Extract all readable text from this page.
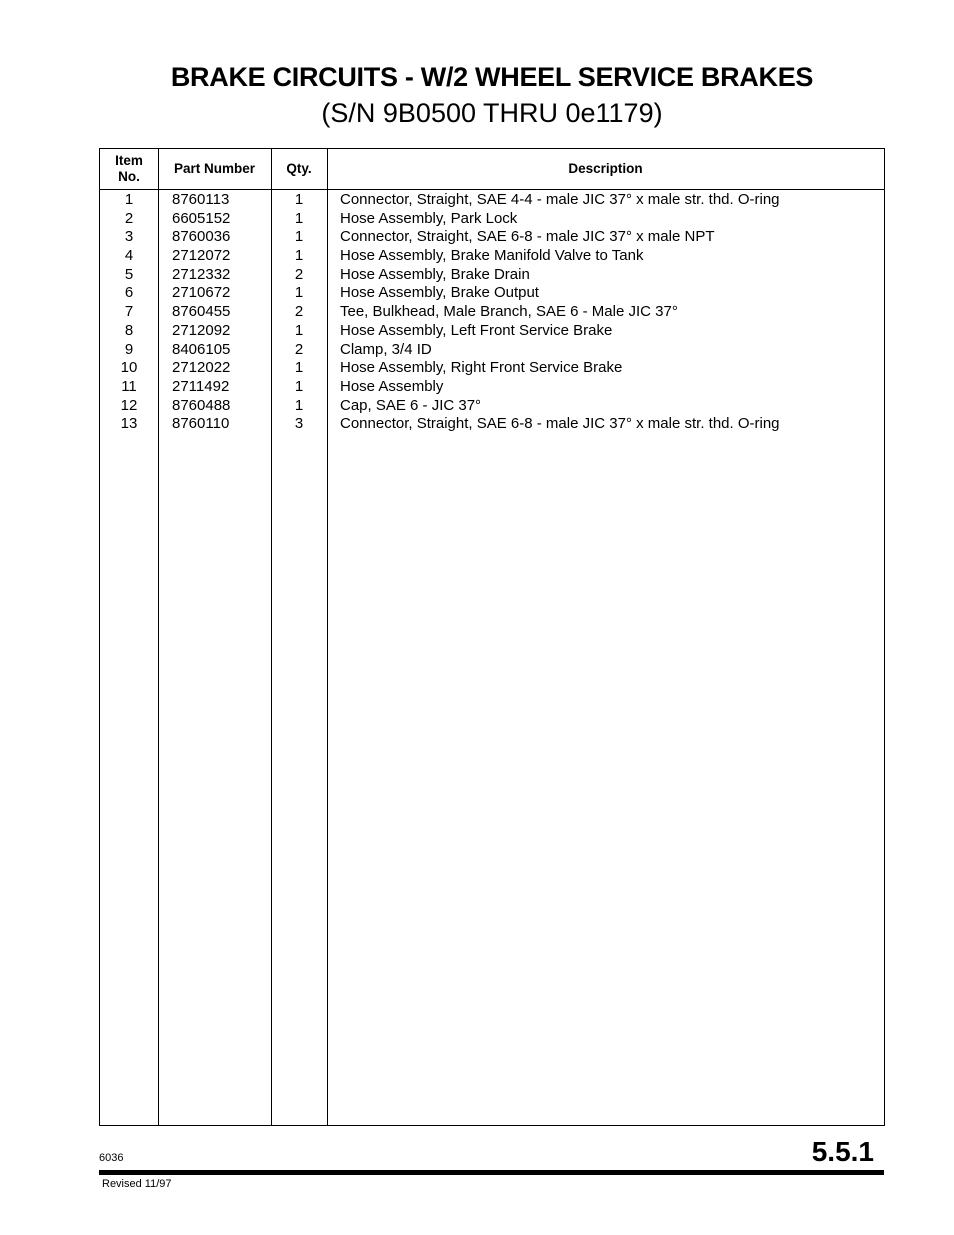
BRAKE CIRCUITS - W/2 WHEEL SERVICE BRAKES
(S/N 9B0500 THRU 0e1179)
Item
No.
Part Number	Qty.	Description
1	8760113	1	Connector, Straight, SAE 4-4 - male JIC 37° x male str. thd. O-ring
2	6605152	1	Hose Assembly, Park Lock
3	8760036	1	Connector, Straight, SAE 6-8 - male JIC 37° x male NPT
4	2712072	1	Hose Assembly, Brake Manifold Valve to Tank
5	2712332	2	Hose Assembly, Brake Drain
6	2710672	1	Hose Assembly, Brake Output
7	8760455	2	Tee, Bulkhead, Male Branch, SAE 6 - Male JIC 37°
8	2712092	1	Hose Assembly, Left Front Service Brake
9	8406105	2	Clamp, 3/4 ID
10	2712022	1	Hose Assembly, Right Front Service Brake
11	2711492	1	Hose Assembly
12	8760488	1	Cap, SAE 6 - JIC 37°
13	8760110	3	Connector, Straight, SAE 6-8 - male JIC 37° x male str. thd. O-ring
6036	5.5.1
Revised 11/97
